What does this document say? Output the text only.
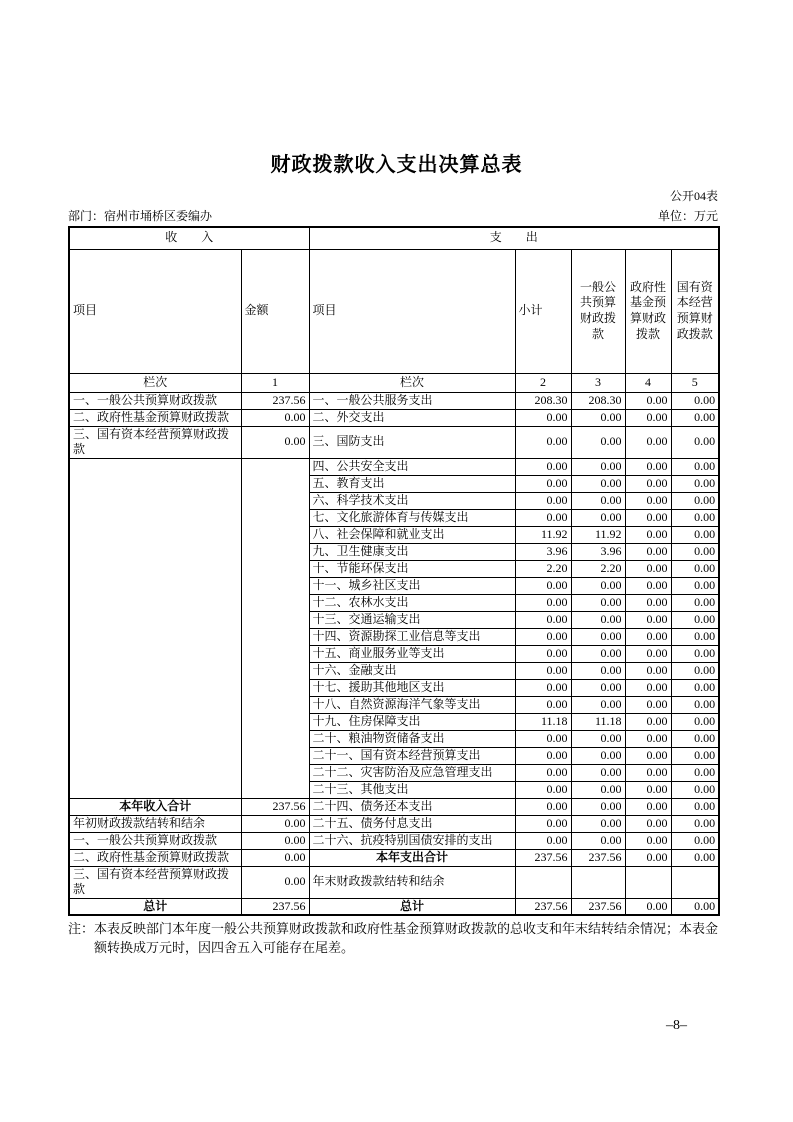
财政拨款收入支出决算总表
公开04表
部门：宿州市埇桥区委编办	单位：万元
收　　入		支　　出				
项目	金额	项目	小计	一般公共预算财政拨款	政府性基金预算财政拨款	国有资本经营预算财政拨款
栏次	1	栏次	2	3	4	5
一、一般公共预算财政拨款	237.56	一、一般公共服务支出	208.30	208.30	0.00	0.00
二、政府性基金预算财政拨款	0.00	二、外交支出	0.00	0.00	0.00	0.00
三、国有资本经营预算财政拨款	0.00	三、国防支出	0.00	0.00	0.00	0.00
		四、公共安全支出	0.00	0.00	0.00	0.00
		五、教育支出	0.00	0.00	0.00	0.00
		六、科学技术支出	0.00	0.00	0.00	0.00
		七、文化旅游体育与传媒支出	0.00	0.00	0.00	0.00
		八、社会保障和就业支出	11.92	11.92	0.00	0.00
		九、卫生健康支出	3.96	3.96	0.00	0.00
		十、节能环保支出	2.20	2.20	0.00	0.00
		十一、城乡社区支出	0.00	0.00	0.00	0.00
		十二、农林水支出	0.00	0.00	0.00	0.00
		十三、交通运输支出	0.00	0.00	0.00	0.00
		十四、资源勘探工业信息等支出	0.00	0.00	0.00	0.00
		十五、商业服务业等支出	0.00	0.00	0.00	0.00
		十六、金融支出	0.00	0.00	0.00	0.00
		十七、援助其他地区支出	0.00	0.00	0.00	0.00
		十八、自然资源海洋气象等支出	0.00	0.00	0.00	0.00
		十九、住房保障支出	11.18	11.18	0.00	0.00
		二十、粮油物资储备支出	0.00	0.00	0.00	0.00
		二十一、国有资本经营预算支出	0.00	0.00	0.00	0.00
		二十二、灾害防治及应急管理支出	0.00	0.00	0.00	0.00
		二十三、其他支出	0.00	0.00	0.00	0.00
本年收入合计	237.56	二十四、债务还本支出	0.00	0.00	0.00	0.00
年初财政拨款结转和结余	0.00	二十五、债务付息支出	0.00	0.00	0.00	0.00
一、一般公共预算财政拨款	0.00	二十六、抗疫特别国债安排的支出	0.00	0.00	0.00	0.00
二、政府性基金预算财政拨款	0.00	本年支出合计	237.56	237.56	0.00	0.00
三、国有资本经营预算财政拨款	0.00	年末财政拨款结转和结余				
总计	237.56	总计	237.56	237.56	0.00	0.00
注：本表反映部门本年度一般公共预算财政拨款和政府性基金预算财政拨款的总收支和年末结转结余情况；本表金额转换成万元时，因四舍五入可能存在尾差。
–8–
